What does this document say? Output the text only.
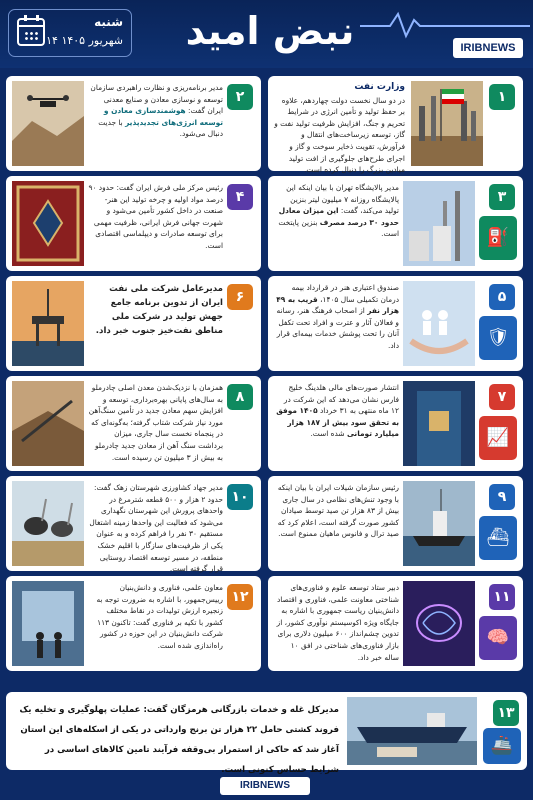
شنبه
۱۴ شهریور ۱۴۰۵	نبض امید	IRIBNEWS
۱
وزارت نفت
در دو سال نخست دولت چهاردهم، علاوه بر حفظ تولید و تأمین انرژی در شرایط تحریم و جنگ، افزایش ظرفیت تولید نفت و گاز، توسعه زیرساخت‌های انتقال و فرآورش، تقویت ذخایر سوخت و گاز و اجرای طرح‌های جلوگیری از افت تولید میادین بزرگ را دنبال کرده است.
۲
مدیر برنامه‌ریزی و نظارت راهبردی سازمان توسعه و نوسازی معادن و صنایع معدنی ایران گفت: هوشمندسازی معادن و توسعه انرژی‌های تجدیدپذیر با جدیت دنبال می‌شود.
۳
⛽
مدیر پالایشگاه تهران با بیان اینکه این پالایشگاه روزانه ۷ میلیون لیتر بنزین تولید می‌کند، گفت: این میزان معادل حدود ۳۰ درصد مصرف بنزین پایتخت است.
۴
رئیس مرکز ملی فرش ایران گفت: حدود ۹۰ درصد مواد اولیه و چرخه تولید این هنر-صنعت در داخل کشور تأمین می‌شود و شهرت جهانی فرش ایرانی، ظرفیت مهمی برای توسعه صادرات و دیپلماسی اقتصادی است.
۵
🛡
صندوق اعتباری هنر در قرارداد بیمه درمان تکمیلی سال ۱۴۰۵، قریب به ۴۹ هزار نفر از اصحاب فرهنگ هنر، رسانه و فعالان آثار و عترت و افراد تحت تکفل آنان را تحت پوشش خدمات بیمه‌ای قرار داد.
۶
مدیرعامل شرکت ملی نفت ایران از تدوین برنامه جامع جهش تولید در شرکت ملی مناطق نفت‌خیز جنوب خبر داد.
۷
📈
انتشار صورت‌های مالی هلدینگ خلیج فارس نشان می‌دهد که این شرکت در ۱۲ ماه منتهی به ۳۱ خرداد ۱۴۰۵ موفق به تحقق سود بیش از ۱۸۷ هزار میلیارد تومانی شده است.
۸
همزمان با نزدیک‌شدن معدن اصلی چادرملو به سال‌های پایانی بهره‌برداری، توسعه و افزایش سهم معادن جدید در تأمین سنگ‌آهن مورد نیاز شرکت شتاب گرفته؛ به‌گونه‌ای که در پنجماه نخست سال جاری، میزان برداشت سنگ آهن از معادن جدید چادرملو به بیش از ۳ میلیون تن رسیده است.
۹
⛴
رئیس سازمان شیلات ایران با بیان اینکه با وجود تنش‌های نظامی در سال جاری بیش از ۸۳ هزار تن صید توسط صیادان کشور صورت گرفته است، اعلام کرد که صید ترال و فانوس ماهیان ممنوع است.
۱۰
مدیر جهاد کشاورزی شهرستان زهک گفت: حدود ۲ هزار و ۵۰۰ قطعه شترمرغ در واحدهای پرورش این شهرستان نگهداری می‌شود که فعالیت این واحدها زمینه اشتغال مستقیم ۳۰ نفر را فراهم کرده و به عنوان یکی از ظرفیت‌های سازگار با اقلیم خشک منطقه، در مسیر توسعه اقتصاد روستایی قرار گرفته است.
۱۱
🧠
دبیر ستاد توسعه علوم و فناوری‌های شناختی معاونت علمی، فناوری و اقتصاد دانش‌بنیان ریاست جمهوری با اشاره به جایگاه ویژه اکوسیستم نوآوری کشور، از تدوین چشم‌انداز ۶۰۰ میلیون دلاری برای بازار فناوری‌های شناختی در افق ۱۰ ساله خبر داد.
۱۲
معاون علمی، فناوری و دانش‌بنیان رییس‌جمهور، با اشاره به ضرورت توجه به زنجیره ارزش تولیدات در نقاط مختلف کشور با تکیه بر فناوری گفت: تاکنون ۱۱۳ شرکت دانش‌بنیان در این حوزه در کشور راه‌اندازی شده است.
۱۳
🚢
مدیرکل غله و خدمات بازرگانی هرمزگان گفت: عملیات پهلوگیری و تخلیه یک فروند کشتی حامل ۲۲ هزار تن برنج وارداتی در یکی از اسکله‌های این استان آغاز شد که حاکی از استمرار بی‌وقفه فرآیند تامین کالاهای اساسی در شرایط حساس کنونی است.
IRIBNEWS
